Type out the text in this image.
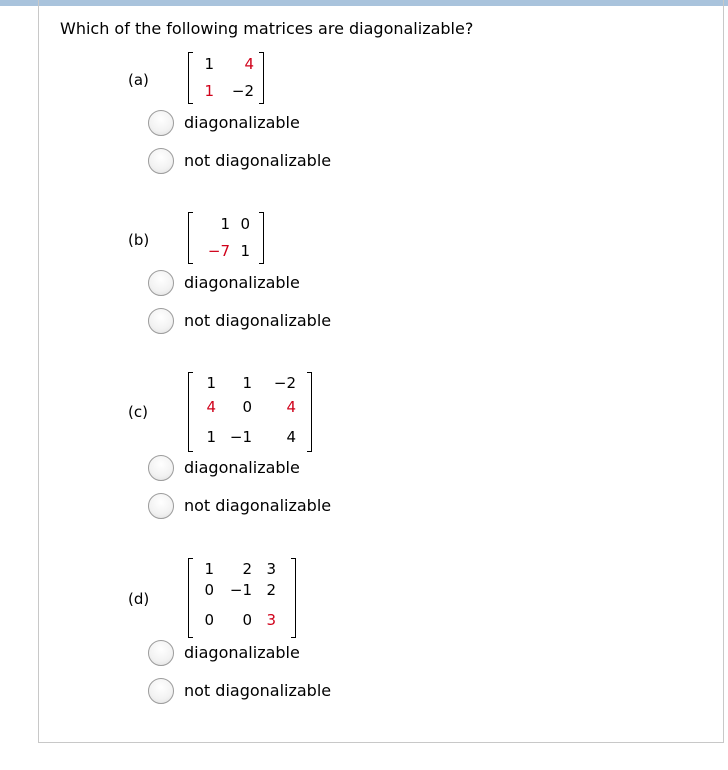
Which of the following matrices are diagonalizable?
(a)
1	4
1 −2
diagonalizable
not diagonalizable
(b)
1 0
−7 1
diagonalizable
not diagonalizable
(c)
1	1	−2
4	0	4
1 −1	4
diagonalizable
not diagonalizable
(d)
1	2 3
0	−1 2
0	0 3
diagonalizable
not diagonalizable
